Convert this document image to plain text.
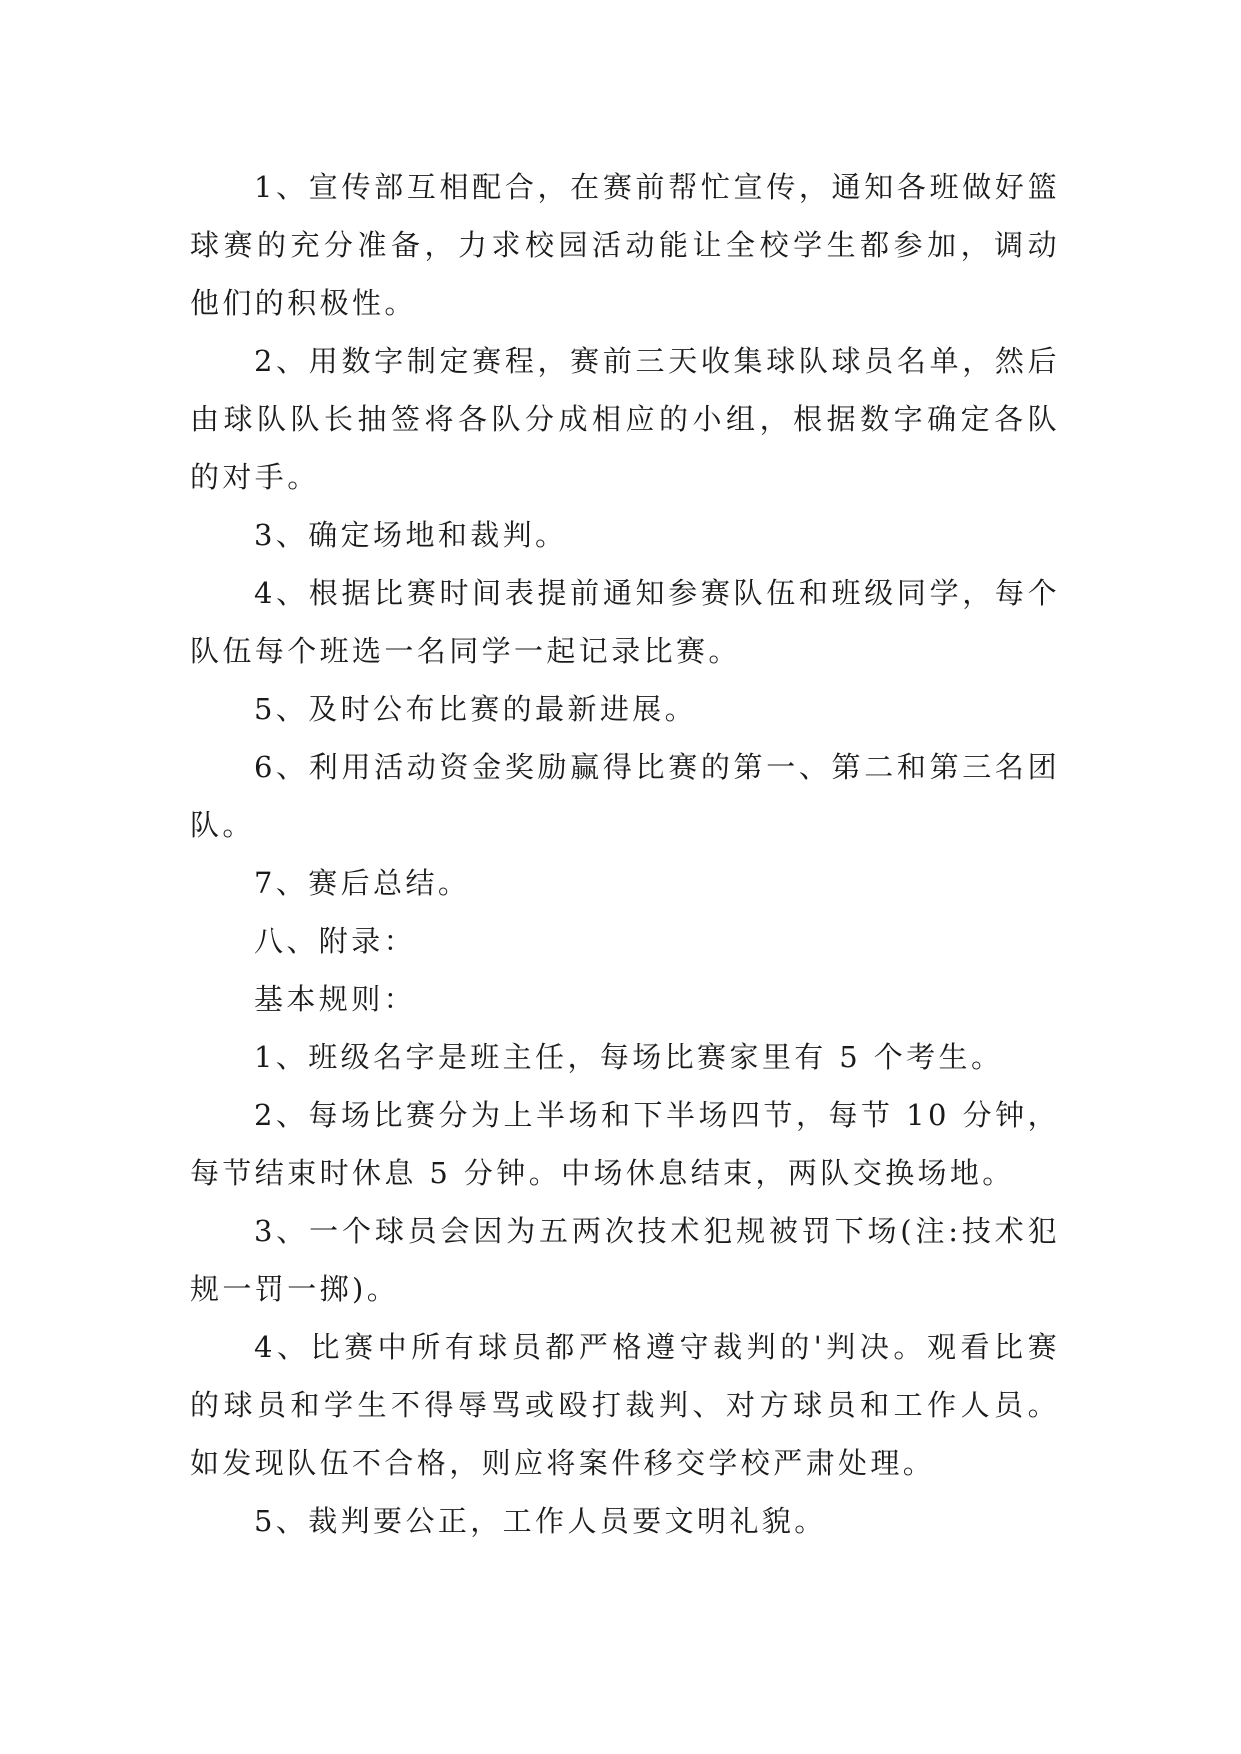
1、宣传部互相配合，在赛前帮忙宣传，通知各班做好篮球赛的充分准备，力求校园活动能让全校学生都参加，调动他们的积极性。

2、用数字制定赛程，赛前三天收集球队球员名单，然后由球队队长抽签将各队分成相应的小组，根据数字确定各队的对手。

3、确定场地和裁判。

4、根据比赛时间表提前通知参赛队伍和班级同学，每个队伍每个班选一名同学一起记录比赛。

5、及时公布比赛的最新进展。

6、利用活动资金奖励赢得比赛的第一、第二和第三名团队。

7、赛后总结。

八、附录：

基本规则：

1、班级名字是班主任，每场比赛家里有 5 个考生。

2、每场比赛分为上半场和下半场四节，每节 10 分钟，每节结束时休息 5 分钟。中场休息结束，两队交换场地。

3、一个球员会因为五两次技术犯规被罚下场(注:技术犯规一罚一掷)。

4、比赛中所有球员都严格遵守裁判的'判决。观看比赛的球员和学生不得辱骂或殴打裁判、对方球员和工作人员。如发现队伍不合格，则应将案件移交学校严肃处理。

5、裁判要公正，工作人员要文明礼貌。
